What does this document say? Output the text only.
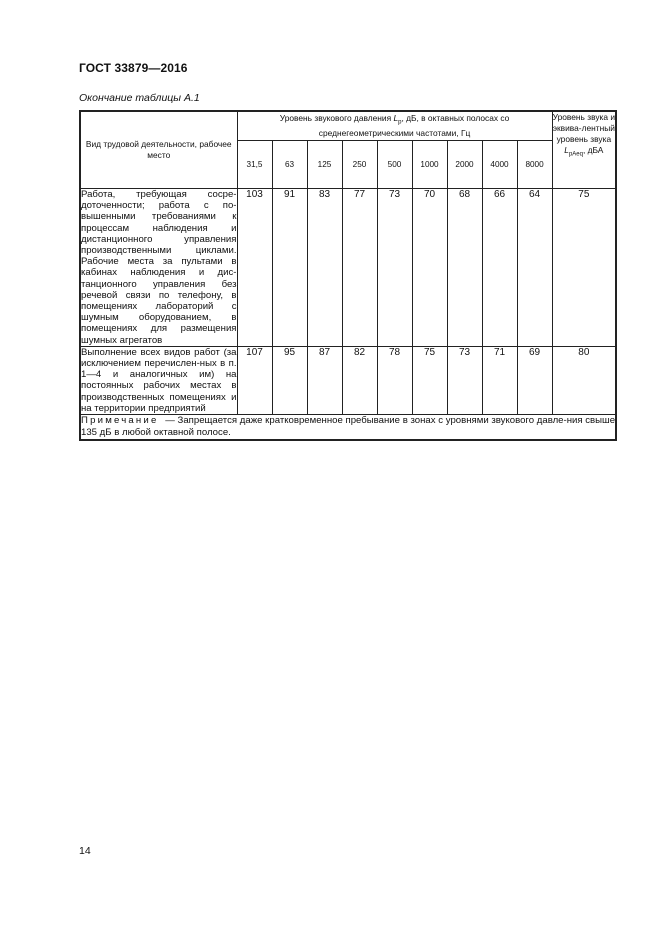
ГОСТ 33879—2016
Окончание таблицы А.1
Вид трудовой деятельности, рабочее место	Уровень звукового давления $L_p$, дБ, в октавных полосах со среднегеометрическими частотами, Гц									Уровень звука и эквива-лентный уровень звука $L_{pAeq}$, дБА
	31,5	63	125	250	500	1000	2000	4000	8000	
Работа, требующая сосре-доточенности; работа с по-вышенными требованиями к процессам наблюдения и дистанционного управления производственными циклами. Рабочие места за пультами в кабинах наблюдения и дис-танционного управления без речевой связи по телефону, в помещениях лабораторий с шумным оборудованием, в помещениях для размещения шумных агрегатов	103	91	83	77	73	70	68	66	64	75
Выполнение всех видов работ (за исключением перечислен-ных в п. 1—4 и аналогичных им) на постоянных рабочих местах в производственных помещениях и на территории предприятий	107	95	87	82	78	75	73	71	69	80
Примечание — Запрещается даже кратковременное пребывание в зонах с уровнями звукового давле-ния свыше 135 дБ в любой октавной полосе.										
14
